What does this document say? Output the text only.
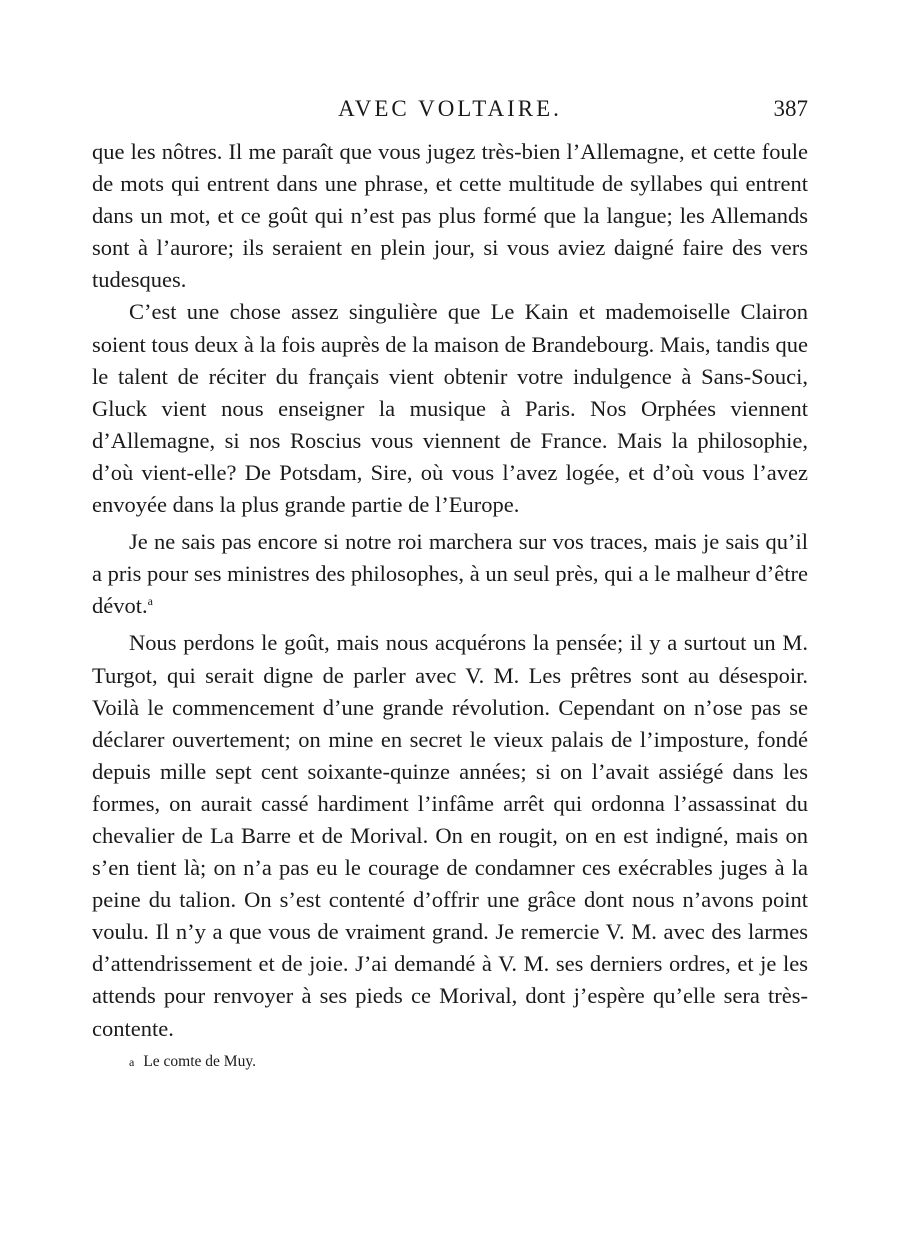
AVEC VOLTAIRE.	387

que les nôtres. Il me paraît que vous jugez très-bien l’Allemagne, et cette foule de mots qui entrent dans une phrase, et cette multitude de syllabes qui entrent dans un mot, et ce goût qui n’est pas plus formé que la langue; les Allemands sont à l’aurore; ils seraient en plein jour, si vous aviez daigné faire des vers tudesques.

C’est une chose assez singulière que Le Kain et mademoiselle Clairon soient tous deux à la fois auprès de la maison de Brandebourg. Mais, tandis que le talent de réciter du français vient obtenir votre indulgence à Sans-Souci, Gluck vient nous enseigner la musique à Paris. Nos Orphées viennent d’Allemagne, si nos Roscius vous viennent de France. Mais la philosophie, d’où vient-elle? De Potsdam, Sire, où vous l’avez logée, et d’où vous l’avez envoyée dans la plus grande partie de l’Europe.

Je ne sais pas encore si notre roi marchera sur vos traces, mais je sais qu’il a pris pour ses ministres des philosophes, à un seul près, qui a le malheur d’être dévot.$^a$

Nous perdons le goût, mais nous acquérons la pensée; il y a surtout un M. Turgot, qui serait digne de parler avec V. M. Les prêtres sont au désespoir. Voilà le commencement d’une grande révolution. Cependant on n’ose pas se déclarer ouvertement; on mine en secret le vieux palais de l’imposture, fondé depuis mille sept cent soixante-quinze années; si on l’avait assiégé dans les formes, on aurait cassé hardiment l’infâme arrêt qui ordonna l’assassinat du chevalier de La Barre et de Morival. On en rougit, on en est indigné, mais on s’en tient là; on n’a pas eu le courage de condamner ces exécrables juges à la peine du talion. On s’est contenté d’offrir une grâce dont nous n’avons point voulu. Il n’y a que vous de vraiment grand. Je remercie V. M. avec des larmes d’attendrissement et de joie. J’ai demandé à V. M. ses derniers ordres, et je les attends pour renvoyer à ses pieds ce Morival, dont j’espère qu’elle sera très-contente.

a Le comte de Muy.
